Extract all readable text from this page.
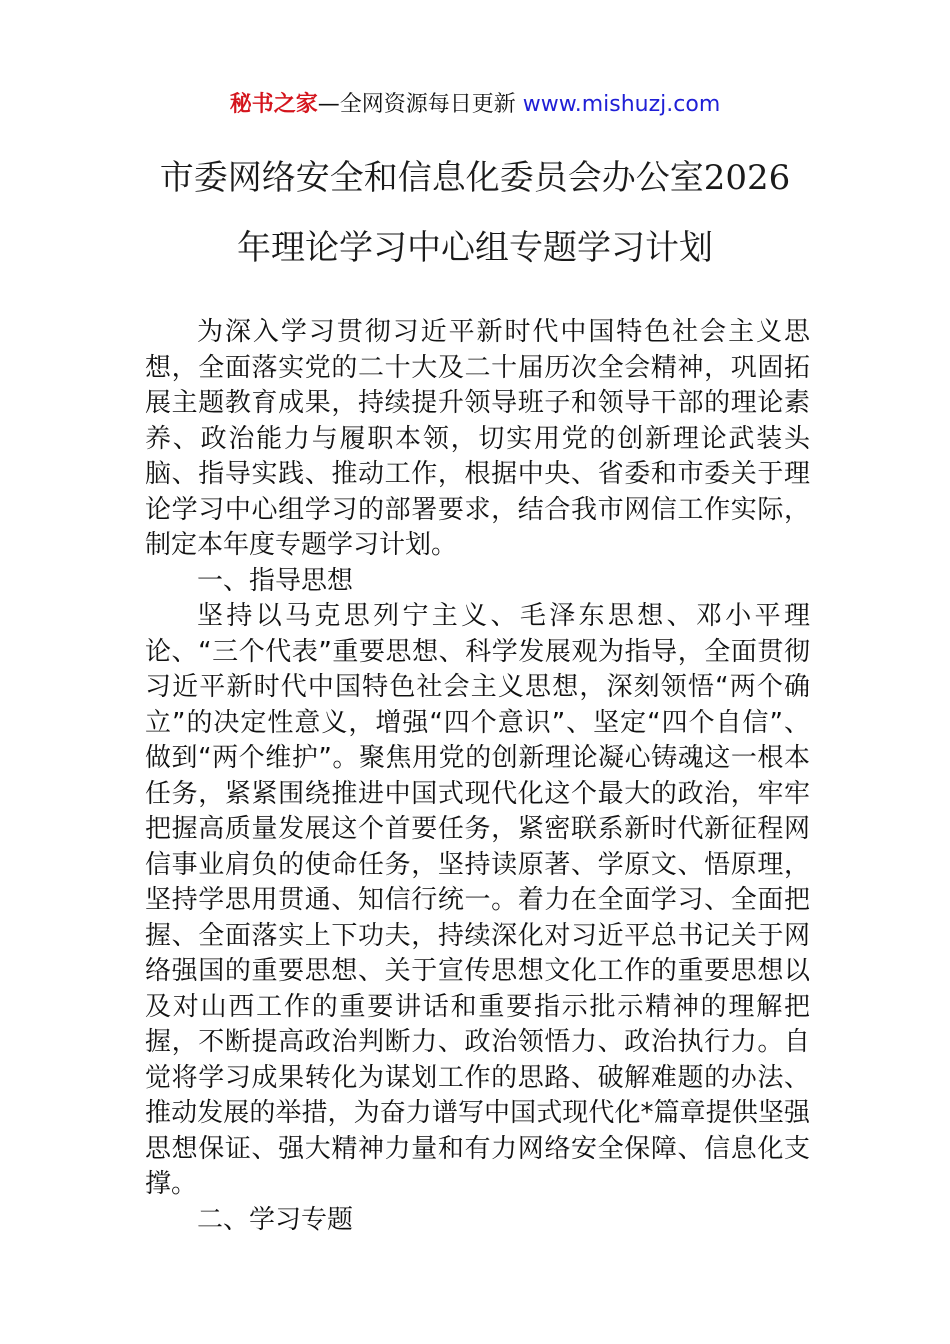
秘书之家—全网资源每日更新 www.mishuzj.com
市委网络安全和信息化委员会办公室2026
年理论学习中心组专题学习计划

为深入学习贯彻习近平新时代中国特色社会主义思想，全面落实党的二十大及二十届历次全会精神，巩固拓展主题教育成果，持续提升领导班子和领导干部的理论素养、政治能力与履职本领，切实用党的创新理论武装头脑、指导实践、推动工作，根据中央、省委和市委关于理论学习中心组学习的部署要求，结合我市网信工作实际，制定本年度专题学习计划。

一、指导思想

坚持以马克思列宁主义、毛泽东思想、邓小平理论、“三个代表”重要思想、科学发展观为指导，全面贯彻习近平新时代中国特色社会主义思想，深刻领悟“两个确立”的决定性意义，增强“四个意识”、坚定“四个自信”、做到“两个维护”。聚焦用党的创新理论凝心铸魂这一根本任务，紧紧围绕推进中国式现代化这个最大的政治，牢牢把握高质量发展这个首要任务，紧密联系新时代新征程网信事业肩负的使命任务，坚持读原著、学原文、悟原理，坚持学思用贯通、知信行统一。着力在全面学习、全面把握、全面落实上下功夫，持续深化对习近平总书记关于网络强国的重要思想、关于宣传思想文化工作的重要思想以及对山西工作的重要讲话和重要指示批示精神的理解把握，不断提高政治判断力、政治领悟力、政治执行力。自觉将学习成果转化为谋划工作的思路、破解难题的办法、推动发展的举措，为奋力谱写中国式现代化*篇章提供坚强思想保证、强大精神力量和有力网络安全保障、信息化支撑。

二、学习专题
